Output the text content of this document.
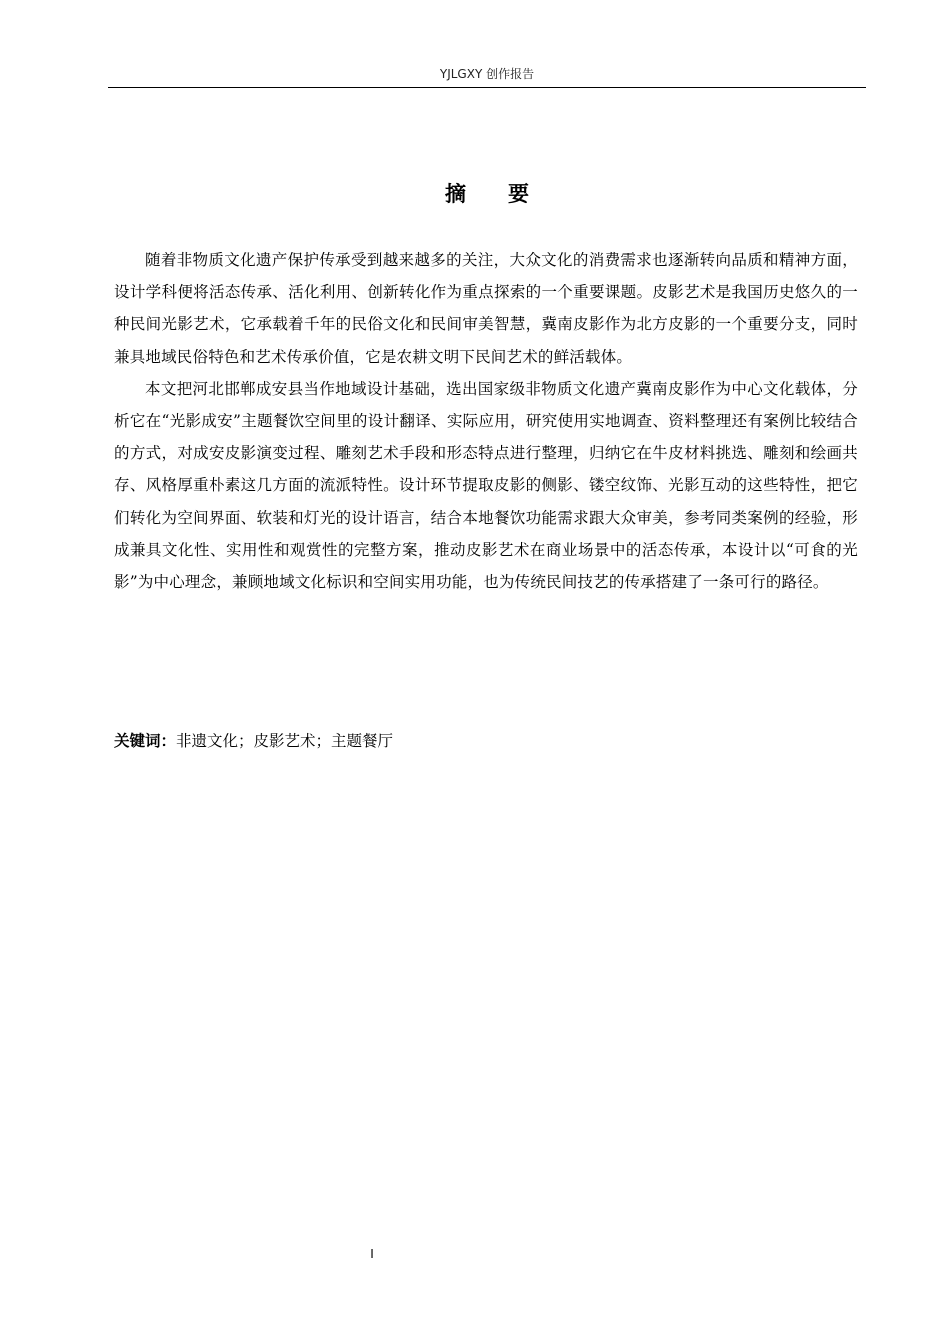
YJLGXY 创作报告
摘 要

随着非物质文化遗产保护传承受到越来越多的关注，大众文化的消费需求也逐渐转向品质和精神方面，设计学科便将活态传承、活化利用、创新转化作为重点探索的一个重要课题。皮影艺术是我国历史悠久的一种民间光影艺术，它承载着千年的民俗文化和民间审美智慧，冀南皮影作为北方皮影的一个重要分支，同时兼具地域民俗特色和艺术传承价值，它是农耕文明下民间艺术的鲜活载体。

本文把河北邯郸成安县当作地域设计基础，选出国家级非物质文化遗产冀南皮影作为中心文化载体，分析它在“光影成安”主题餐饮空间里的设计翻译、实际应用，研究使用实地调查、资料整理还有案例比较结合的方式，对成安皮影演变过程、雕刻艺术手段和形态特点进行整理，归纳它在牛皮材料挑选、雕刻和绘画共存、风格厚重朴素这几方面的流派特性。设计环节提取皮影的侧影、镂空纹饰、光影互动的这些特性，把它们转化为空间界面、软装和灯光的设计语言，结合本地餐饮功能需求跟大众审美，参考同类案例的经验，形成兼具文化性、实用性和观赏性的完整方案，推动皮影艺术在商业场景中的活态传承，本设计以“可食的光影”为中心理念，兼顾地域文化标识和空间实用功能，也为传统民间技艺的传承搭建了一条可行的路径。

关键词：非遗文化；皮影艺术；主题餐厅
I
